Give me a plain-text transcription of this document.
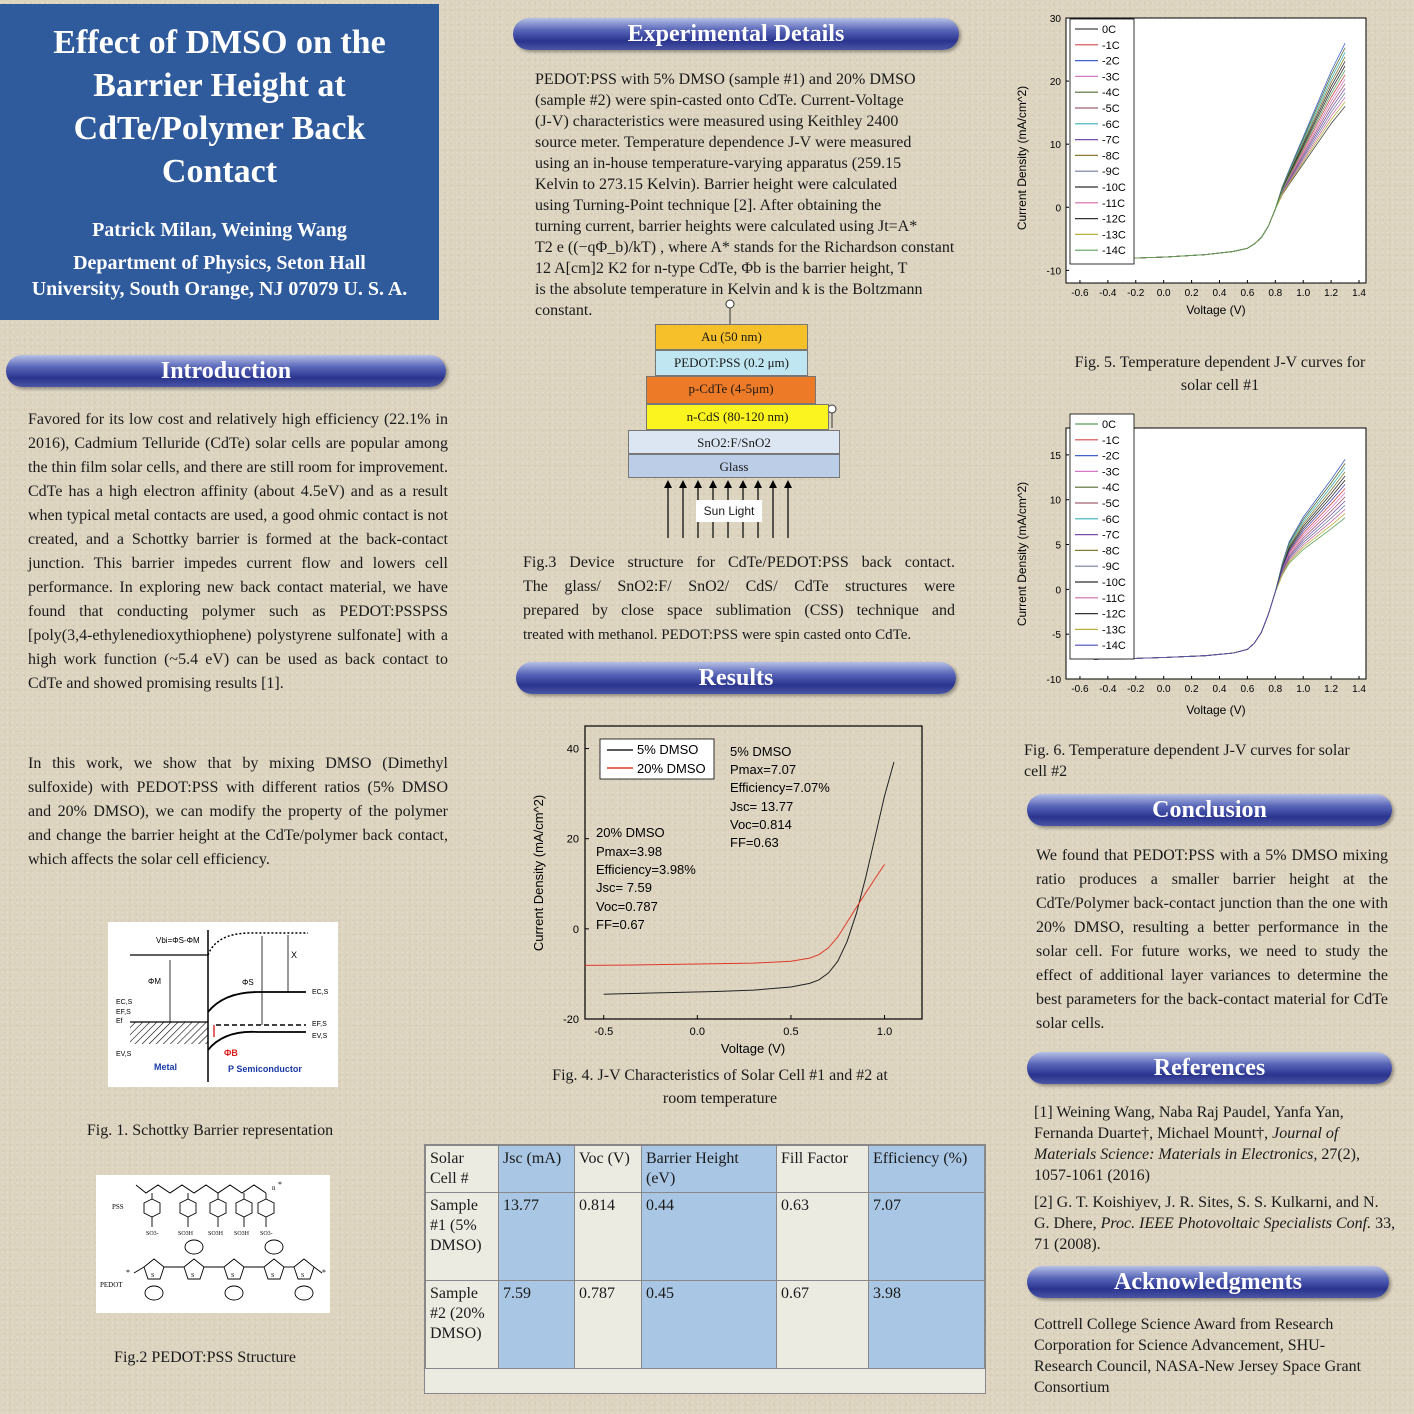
Effect of DMSO on the
Barrier Height at
CdTe/Polymer Back
Contact
Patrick Milan, Weining Wang
Department of Physics, Seton Hall
University, South Orange, NJ 07079 U. S. A.
Introduction
Favored for its low cost and relatively high efficiency (22.1% in 2016), Cadmium Telluride (CdTe) solar cells are popular among the thin film solar cells, and there are still room for improvement. CdTe has a high electron affinity (about 4.5eV) and as a result when typical metal contacts are used, a good ohmic contact is not created, and a Schottky barrier is formed at the back-contact junction. This barrier impedes current flow and lowers cell performance. In exploring new back contact material, we have found that conducting polymer such as PEDOT:PSSPSS [poly(3,4-ethylenedioxythiophene) polystyrene sulfonate] with a high work function (~5.4 eV) can be used as back contact to CdTe and showed promising results [1].
In this work, we show that by mixing DMSO (Dimethyl sulfoxide) with PEDOT:PSS with different ratios (5% DMSO and 20% DMSO), we can modify the property of the polymer and change the barrier height at the CdTe/polymer back contact, which affects the solar cell efficiency.
Vbi=ΦS-ΦM
X
ΦM	ΦS
EC,S
EF,S
Ef
EV,S
EC,S
EF,S
EV,S
ΦB
Metal	P Semiconductor
Fig. 1. Schottky Barrier representation
PSS
PEDOT
n *
SO3-	SO3H SO3H SO3H SO3-
S	S	S	S	S
*	*
Fig.2 PEDOT:PSS Structure
Experimental Details
PEDOT:PSS with 5% DMSO (sample #1) and 20% DMSO
(sample #2) were spin-casted onto CdTe. Current-Voltage
(J-V) characteristics were measured using Keithley 2400
source meter. Temperature dependence J-V were measured
using an in-house temperature-varying apparatus (259.15
Kelvin to 273.15 Kelvin). Barrier height were calculated
using Turning-Point technique [2]. After obtaining the
turning current, barrier heights were calculated using Jt=A*
T2 e ((−qΦ_b)/kT) , where A* stands for the Richardson constant
12 A[cm]2 K2 for n-type CdTe, Φb is the barrier height, T
is the absolute temperature in Kelvin and k is the Boltzmann
constant.
Au (50 nm)
PEDOT:PSS (0.2 μm)
p-CdTe (4-5μm)
n-CdS (80-120 nm)
SnO2:F/SnO2
Glass
Sun Light
Fig.3 Device structure for CdTe/PEDOT:PSS back contact.
The glass/ SnO2:F/ SnO2/ CdS/ CdTe structures were
prepared by close space sublimation (CSS) technique and
treated with methanol. PEDOT:PSS were spin casted onto CdTe.
Results
-0.5	0.0	0.5	1.0
-20
0
20
40
Voltage (V)
Current Density (mA/cm^2)
5% DMSO
20% DMSO
5% DMSO
Pmax=7.07
Efficiency=7.07%
Jsc= 13.77
Voc=0.814
FF=0.63
20% DMSO
Pmax=3.98
Efficiency=3.98%
Jsc= 7.59
Voc=0.787
FF=0.67
Fig. 4. J-V Characteristics of Solar Cell #1 and #2 at
room temperature
Solar Cell #	Jsc (mA)	Voc (V)	Barrier Height (eV)	Fill Factor	Efficiency (%)
Sample #1 (5% DMSO)	13.77	0.814	0.44	0.63	7.07
Sample #2 (20% DMSO)	7.59	0.787	0.45	0.67	3.98
-0.6 -0.4 -0.2 0.0 0.2 0.4 0.6 0.8 1.0 1.2 1.4
-10
0
10
20
30
0C
-1C
-2C
-3C
-4C
-5C
-6C
-7C
-8C
-9C
-10C
-11C
-12C
-13C
-14C
Voltage (V)
Current Density (mA/cm^2)
Fig. 5. Temperature dependent J-V curves for
solar cell #1
-0.6 -0.4 -0.2 0.0 0.2 0.4 0.6 0.8 1.0 1.2 1.4
-10
-5
0
5
10
15
0C
-1C
-2C
-3C
-4C
-5C
-6C
-7C
-8C
-9C
-10C
-11C
-12C
-13C
-14C
Voltage (V)
Current Density (mA/cm^2)
Fig. 6. Temperature dependent J-V curves for solar
cell #2
Conclusion
We found that PEDOT:PSS with a 5% DMSO mixing ratio produces a smaller barrier height at the CdTe/Polymer back-contact junction than the one with 20% DMSO, resulting a better performance in the solar cell. For future works, we need to study the effect of additional layer variances to determine the best parameters for the back-contact material for CdTe solar cells.
References
[1] Weining Wang, Naba Raj Paudel, Yanfa Yan, Fernanda Duarte†, Michael Mount†, Journal of Materials Science: Materials in Electronics, 27(2), 1057-1061 (2016)
[2] G. T. Koishiyev, J. R. Sites, S. S. Kulkarni, and N. G. Dhere, Proc. IEEE Photovoltaic Specialists Conf. 33, 71 (2008).
Acknowledgments
Cottrell College Science Award from Research Corporation for Science Advancement, SHU-Research Council, NASA-New Jersey Space Grant Consortium
